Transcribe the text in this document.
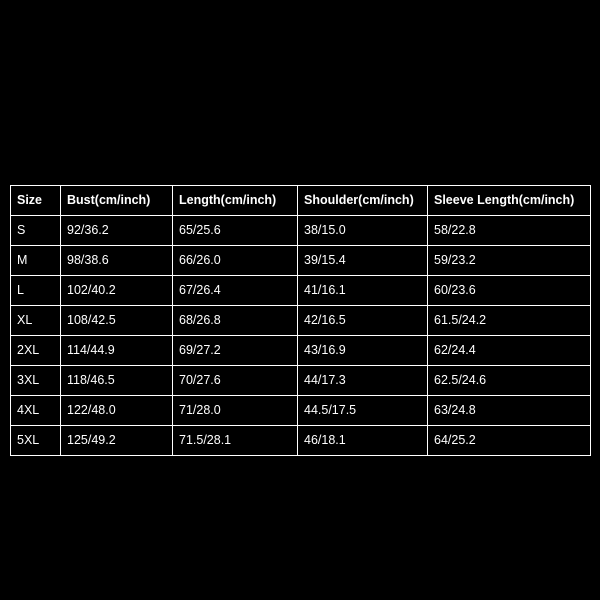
Size	Bust(cm/inch)	Length(cm/inch)	Shoulder(cm/inch)	Sleeve Length(cm/inch)
S	92/36.2	65/25.6	38/15.0	58/22.8
M	98/38.6	66/26.0	39/15.4	59/23.2
L	102/40.2	67/26.4	41/16.1	60/23.6
XL	108/42.5	68/26.8	42/16.5	61.5/24.2
2XL	114/44.9	69/27.2	43/16.9	62/24.4
3XL	118/46.5	70/27.6	44/17.3	62.5/24.6
4XL	122/48.0	71/28.0	44.5/17.5	63/24.8
5XL	125/49.2	71.5/28.1	46/18.1	64/25.2
